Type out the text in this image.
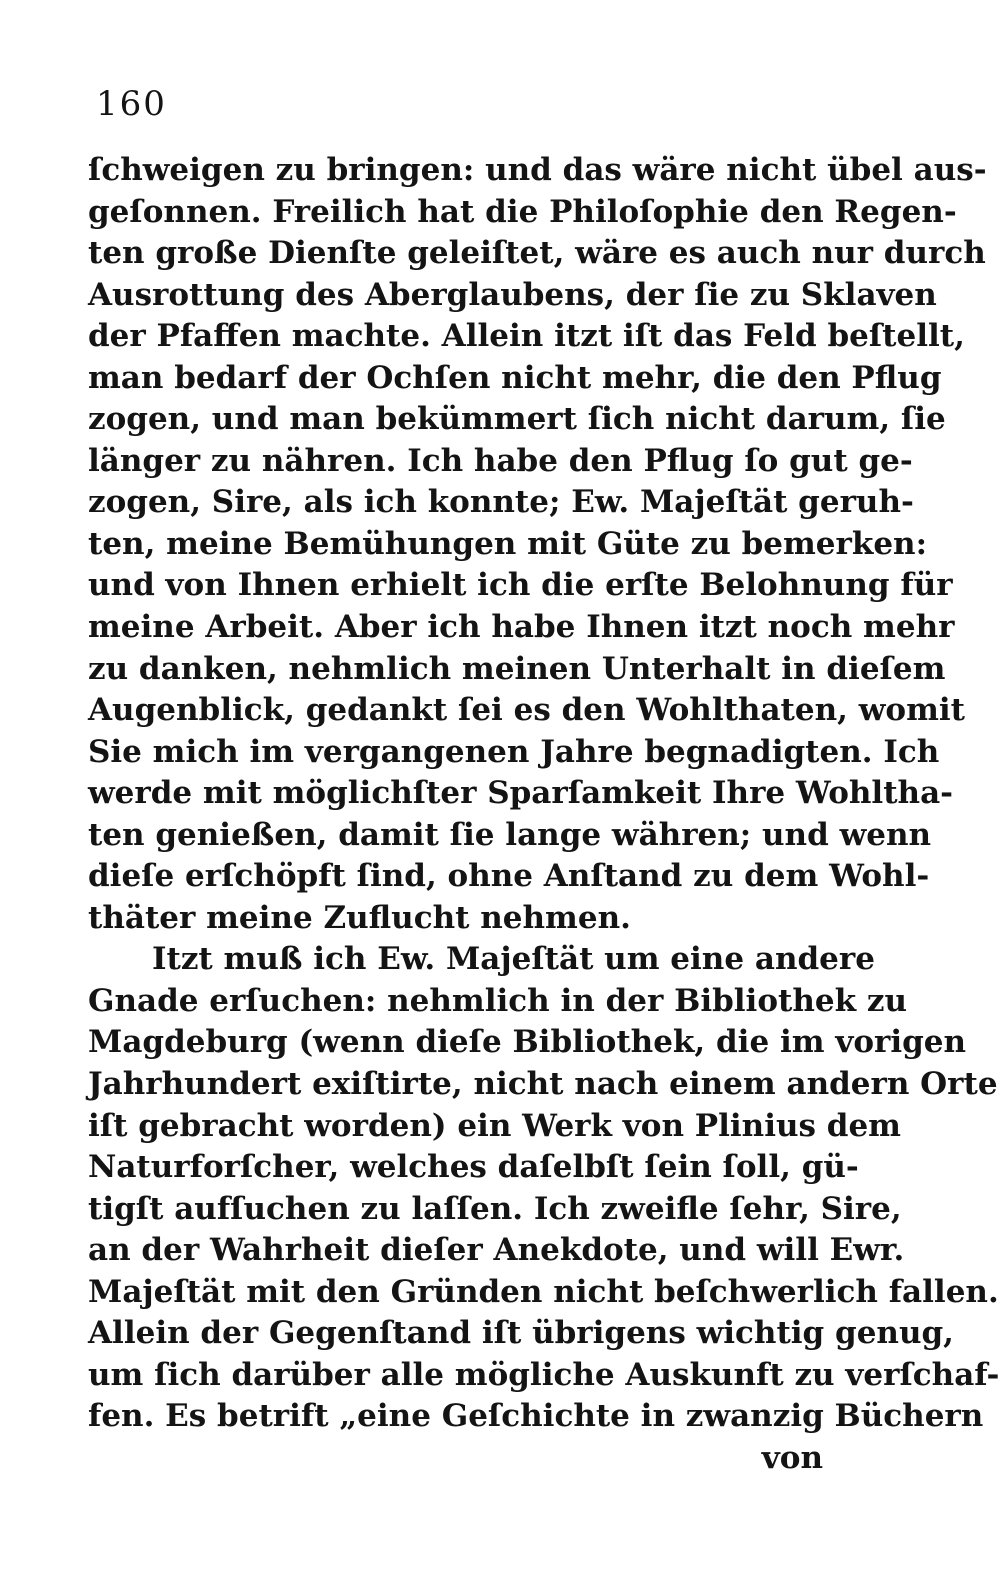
160
ſchweigen zu bringen: und das wäre nicht übel aus-
geſonnen. Freilich hat die Philoſophie den Regen-
ten große Dienſte geleiſtet, wäre es auch nur durch
Ausrottung des Aberglaubens, der ſie zu Sklaven
der Pfaffen machte. Allein itzt iſt das Feld beſtellt,
man bedarf der Ochſen nicht mehr, die den Pflug
zogen, und man bekümmert ſich nicht darum, ſie
länger zu nähren. Ich habe den Pflug ſo gut ge-
zogen, Sire, als ich konnte; Ew. Majeſtät geruh-
ten, meine Bemühungen mit Güte zu bemerken:
und von Ihnen erhielt ich die erſte Belohnung für
meine Arbeit. Aber ich habe Ihnen itzt noch mehr
zu danken, nehmlich meinen Unterhalt in dieſem
Augenblick, gedankt ſei es den Wohlthaten, womit
Sie mich im vergangenen Jahre begnadigten. Ich
werde mit möglichſter Sparſamkeit Ihre Wohltha-
ten genießen, damit ſie lange währen; und wenn
dieſe erſchöpft ſind, ohne Anſtand zu dem Wohl-
thäter meine Zuflucht nehmen.
Itzt muß ich Ew. Majeſtät um eine andere
Gnade erſuchen: nehmlich in der Bibliothek zu
Magdeburg (wenn dieſe Bibliothek, die im vorigen
Jahrhundert exiſtirte, nicht nach einem andern Orte
iſt gebracht worden) ein Werk von Plinius dem
Naturforſcher, welches daſelbſt ſein ſoll, gü-
tigſt aufſuchen zu laſſen. Ich zweifle ſehr, Sire,
an der Wahrheit dieſer Anekdote, und will Ewr.
Majeſtät mit den Gründen nicht beſchwerlich fallen.
Allein der Gegenſtand iſt übrigens wichtig genug,
um ſich darüber alle mögliche Auskunft zu verſchaf-
fen. Es betrift „eine Geſchichte in zwanzig Büchern
von
